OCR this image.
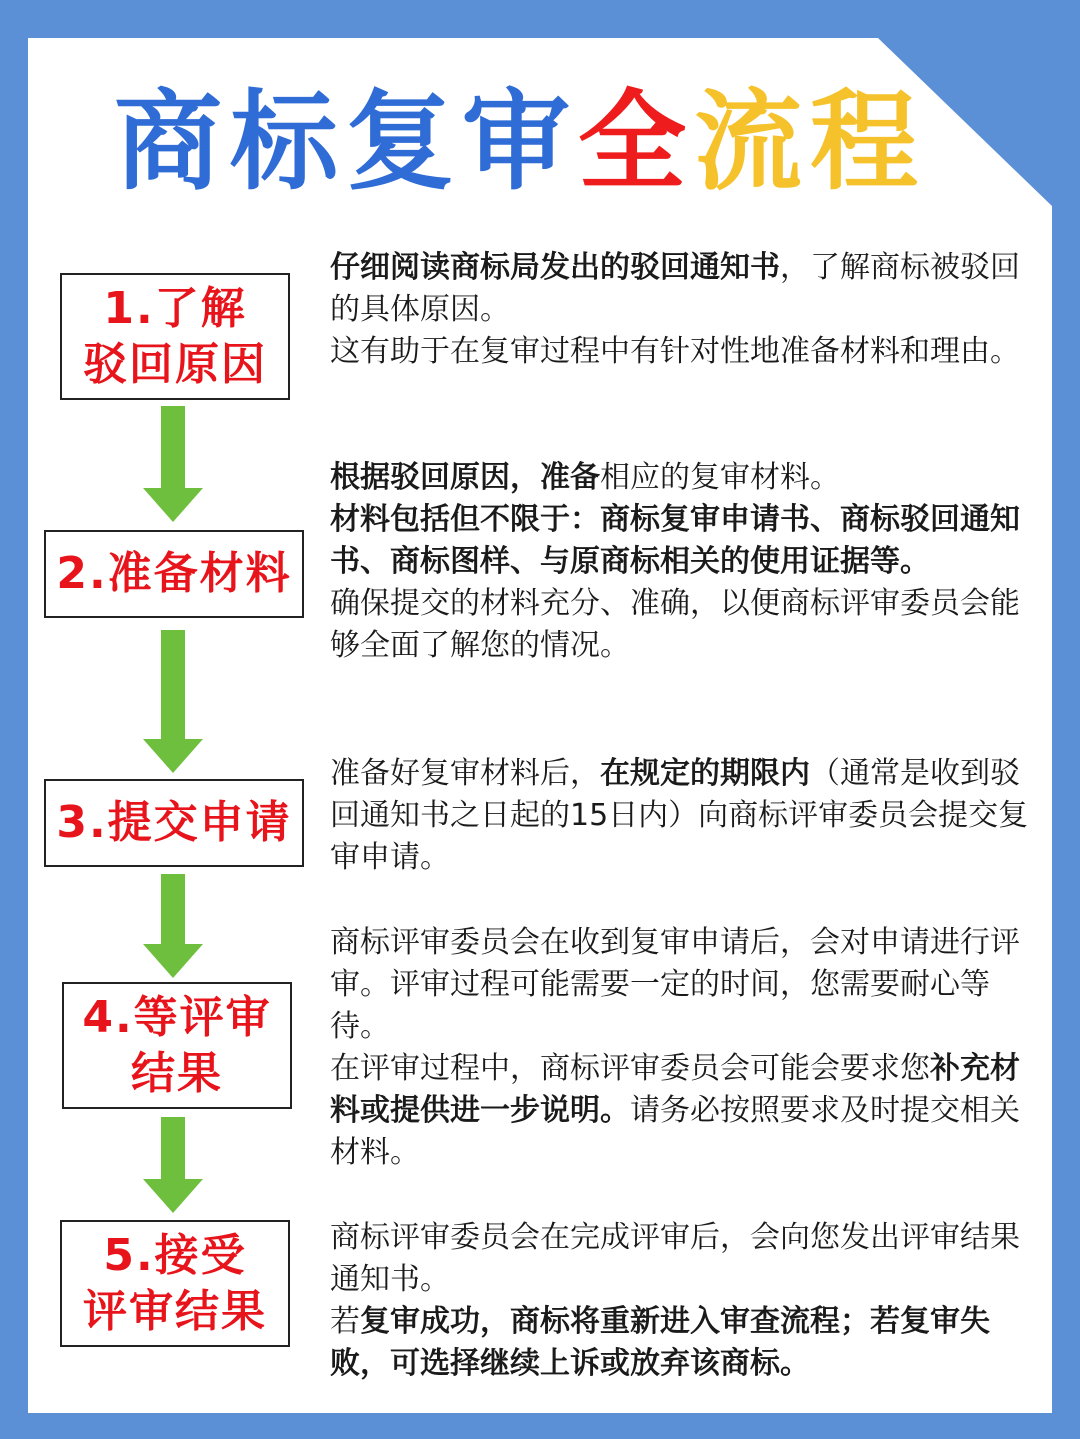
商标复审全流程
1.了解
驳回原因
2.准备材料
3.提交申请
4.等评审
结果
5.接受
评审结果

仔细阅读商标局发出的驳回通知书，了解商标被驳回的具体原因。

这有助于在复审过程中有针对性地准备材料和理由。

根据驳回原因，准备相应的复审材料。

材料包括但不限于：商标复审申请书、商标驳回通知书、商标图样、与原商标相关的使用证据等。

确保提交的材料充分、准确，以便商标评审委员会能够全面了解您的情况。

准备好复审材料后，在规定的期限内（通常是收到驳回通知书之日起的15日内）向商标评审委员会提交复审申请。

商标评审委员会在收到复审申请后，会对申请进行评审。评审过程可能需要一定的时间，您需要耐心等待。

在评审过程中，商标评审委员会可能会要求您补充材料或提供进一步说明。请务必按照要求及时提交相关材料。

商标评审委员会在完成评审后，会向您发出评审结果通知书。

若复审成功，商标将重新进入审查流程；若复审失败，可选择继续上诉或放弃该商标。
